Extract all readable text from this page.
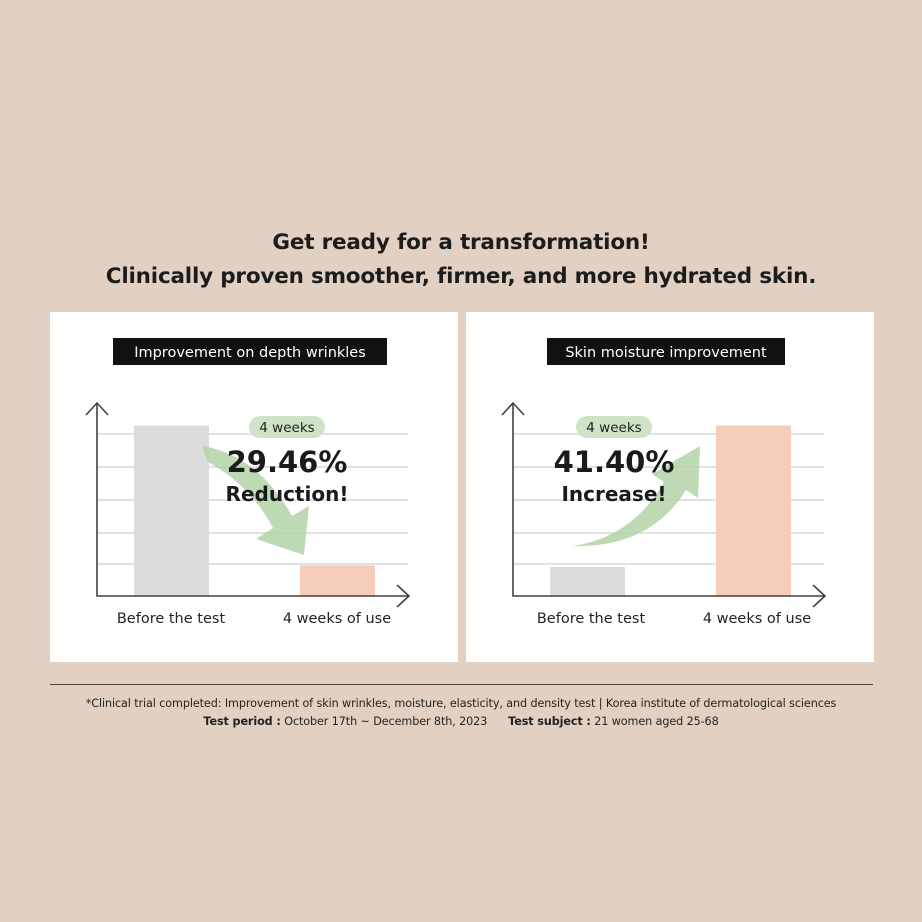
Get ready for a transformation!
Clinically proven smoother, firmer, and more hydrated skin.
Before the test	4 weeks of use
Improvement on depth wrinkles
4 weeks
29.46%
Reduction!
Before the test	4 weeks of use
Skin moisture improvement
4 weeks
41.40%
Increase!
*Clinical trial completed: Improvement of skin wrinkles, moisture, elasticity, and density test | Korea institute of dermatological sciences
Test period : October 17th ~ December 8th, 2023 Test subject : 21 women aged 25-68
